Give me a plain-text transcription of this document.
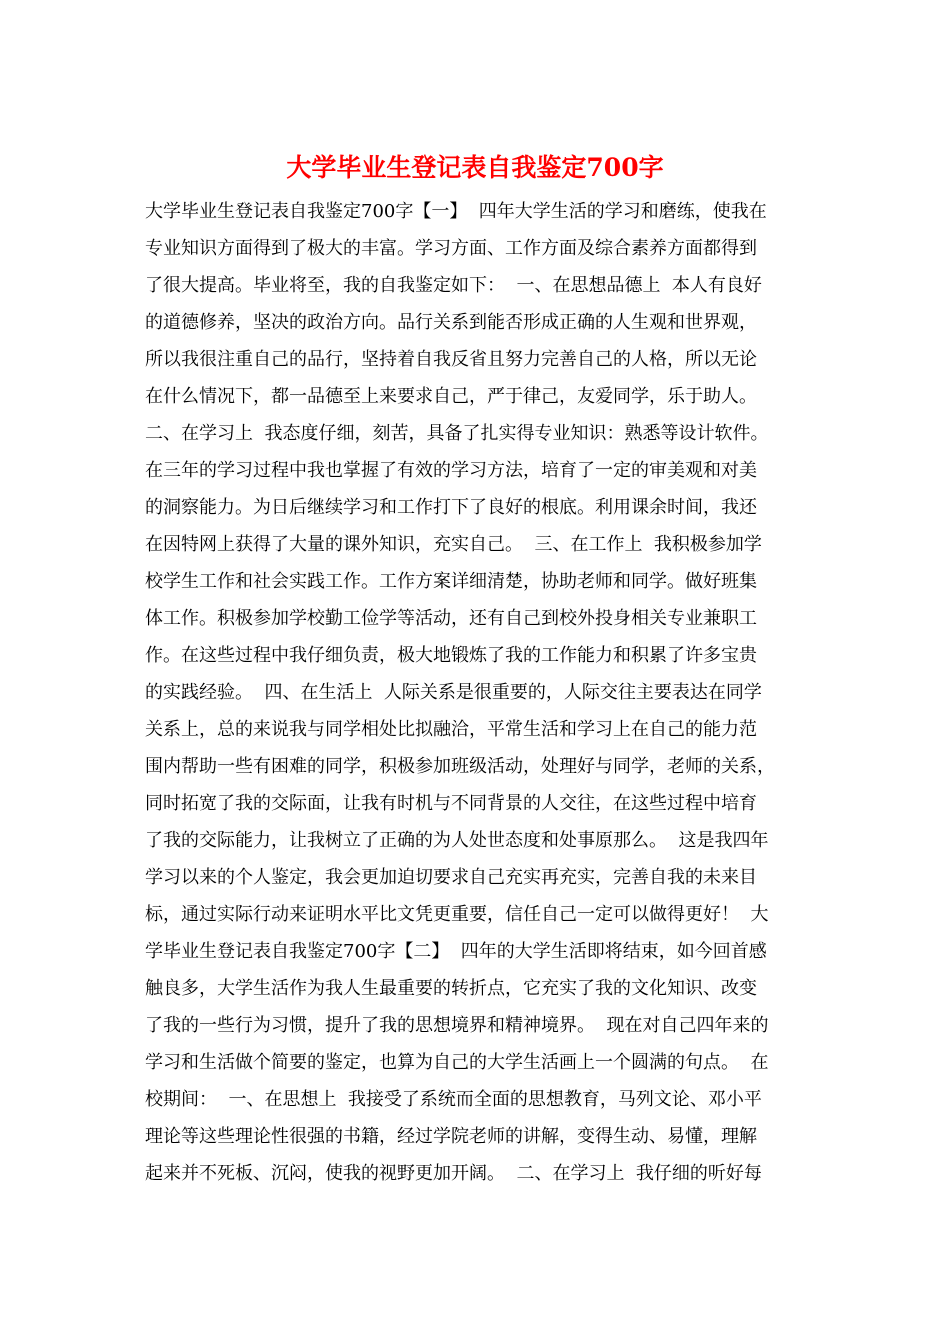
大学毕业生登记表自我鉴定700字
大学毕业生登记表自我鉴定700字【一】  四年大学生活的学习和磨练，使我在
专业知识方面得到了极大的丰富。学习方面、工作方面及综合素养方面都得到
了很大提高。毕业将至，我的自我鉴定如下：  一、在思想品德上  本人有良好
的道德修养，坚决的政治方向。品行关系到能否形成正确的人生观和世界观，
所以我很注重自己的品行，坚持着自我反省且努力完善自己的人格，所以无论
在什么情况下，都一品德至上来要求自己，严于律己，友爱同学，乐于助人。
二、在学习上  我态度仔细，刻苦，具备了扎实得专业知识：熟悉等设计软件。
在三年的学习过程中我也掌握了有效的学习方法，培育了一定的审美观和对美
的洞察能力。为日后继续学习和工作打下了良好的根底。利用课余时间，我还
在因特网上获得了大量的课外知识，充实自己。  三、在工作上  我积极参加学
校学生工作和社会实践工作。工作方案详细清楚，协助老师和同学。做好班集
体工作。积极参加学校勤工俭学等活动，还有自己到校外投身相关专业兼职工
作。在这些过程中我仔细负责，极大地锻炼了我的工作能力和积累了许多宝贵
的实践经验。  四、在生活上  人际关系是很重要的，人际交往主要表达在同学
关系上，总的来说我与同学相处比拟融洽，平常生活和学习上在自己的能力范
围内帮助一些有困难的同学，积极参加班级活动，处理好与同学，老师的关系，
同时拓宽了我的交际面，让我有时机与不同背景的人交往，在这些过程中培育
了我的交际能力，让我树立了正确的为人处世态度和处事原那么。  这是我四年
学习以来的个人鉴定，我会更加迫切要求自己充实再充实，完善自我的未来目
标，通过实际行动来证明水平比文凭更重要，信任自己一定可以做得更好！  大
学毕业生登记表自我鉴定700字【二】  四年的大学生活即将结束，如今回首感
触良多，大学生活作为我人生最重要的转折点，它充实了我的文化知识、改变
了我的一些行为习惯，提升了我的思想境界和精神境界。  现在对自己四年来的
学习和生活做个简要的鉴定，也算为自己的大学生活画上一个圆满的句点。  在
校期间：  一、在思想上  我接受了系统而全面的思想教育，马列文论、邓小平
理论等这些理论性很强的书籍，经过学院老师的讲解，变得生动、易懂，理解
起来并不死板、沉闷，使我的视野更加开阔。  二、在学习上  我仔细的听好每
